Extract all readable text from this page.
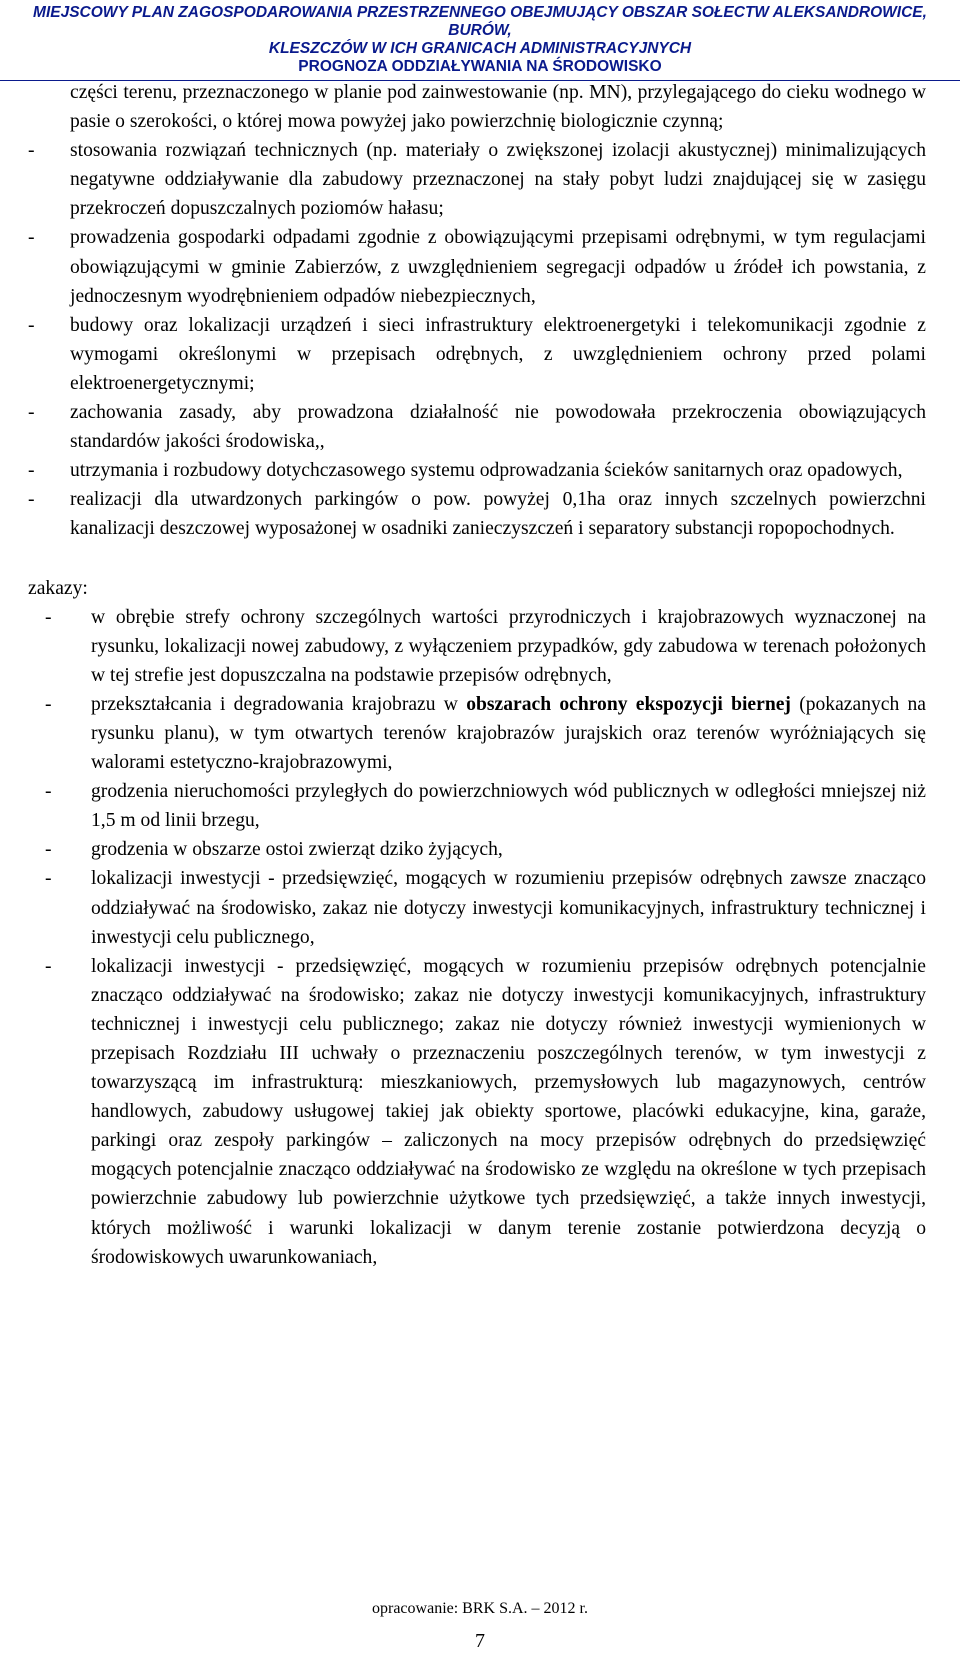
MIEJSCOWY PLAN ZAGOSPODAROWANIA PRZESTRZENNEGO OBEJMUJĄCY OBSZAR SOŁECTW ALEKSANDROWICE, BURÓW,
KLESZCZÓW W ICH GRANICACH ADMINISTRACYJNYCH
PROGNOZA ODDZIAŁYWANIA NA ŚRODOWISKO
części terenu, przeznaczonego w planie pod zainwestowanie (np. MN), przylegającego do cieku wodnego w pasie o szerokości, o której mowa powyżej jako powierzchnię biologicznie czynną;
- stosowania rozwiązań technicznych (np. materiały o zwiększonej izolacji akustycznej) minimalizujących negatywne oddziaływanie dla zabudowy przeznaczonej na stały pobyt ludzi znajdującej się w zasięgu przekroczeń dopuszczalnych poziomów hałasu;
- prowadzenia gospodarki odpadami zgodnie z obowiązującymi przepisami odrębnymi, w tym regulacjami obowiązującymi w gminie Zabierzów, z uwzględnieniem segregacji odpadów u źródeł ich powstania, z jednoczesnym wyodrębnieniem odpadów niebezpiecznych,
- budowy oraz lokalizacji urządzeń i sieci infrastruktury elektroenergetyki i telekomunikacji zgodnie z wymogami określonymi w przepisach odrębnych, z uwzględnieniem ochrony przed polami elektroenergetycznymi;
- zachowania zasady, aby prowadzona działalność nie powodowała przekroczenia obowiązujących standardów jakości środowiska,,
- utrzymania i rozbudowy dotychczasowego systemu odprowadzania ścieków sanitarnych oraz opadowych,
- realizacji dla utwardzonych parkingów o pow. powyżej 0,1ha oraz innych szczelnych powierzchni kanalizacji deszczowej wyposażonej w osadniki zanieczyszczeń i separatory substancji ropopochodnych.
zakazy:
- w obrębie strefy ochrony szczególnych wartości przyrodniczych i krajobrazowych wyznaczonej na rysunku, lokalizacji nowej zabudowy, z wyłączeniem przypadków, gdy zabudowa w terenach położonych w tej strefie jest dopuszczalna na podstawie przepisów odrębnych,
- przekształcania i degradowania krajobrazu w obszarach ochrony ekspozycji biernej (pokazanych na rysunku planu), w tym otwartych terenów krajobrazów jurajskich oraz terenów wyróżniających się walorami estetyczno-krajobrazowymi,
- grodzenia nieruchomości przyległych do powierzchniowych wód publicznych w odległości mniejszej niż 1,5 m od linii brzegu,
- grodzenia w obszarze ostoi zwierząt dziko żyjących,
- lokalizacji inwestycji - przedsięwzięć, mogących w rozumieniu przepisów odrębnych zawsze znacząco oddziaływać na środowisko, zakaz nie dotyczy inwestycji komunikacyjnych, infrastruktury technicznej i inwestycji celu publicznego,
- lokalizacji inwestycji - przedsięwzięć, mogących w rozumieniu przepisów odrębnych potencjalnie znacząco oddziaływać na środowisko; zakaz nie dotyczy inwestycji komunikacyjnych, infrastruktury technicznej i inwestycji celu publicznego; zakaz nie dotyczy również inwestycji wymienionych w przepisach Rozdziału III uchwały o przeznaczeniu poszczególnych terenów, w tym inwestycji z towarzyszącą im infrastrukturą: mieszkaniowych, przemysłowych lub magazynowych, centrów handlowych, zabudowy usługowej takiej jak obiekty sportowe, placówki edukacyjne, kina, garaże, parkingi oraz zespoły parkingów – zaliczonych na mocy przepisów odrębnych do przedsięwzięć mogących potencjalnie znacząco oddziaływać na środowisko ze względu na określone w tych przepisach powierzchnie zabudowy lub powierzchnie użytkowe tych przedsięwzięć, a także innych inwestycji, których możliwość i warunki lokalizacji w danym terenie zostanie potwierdzona decyzją o środowiskowych uwarunkowaniach,
opracowanie: BRK S.A. – 2012 r.
7
